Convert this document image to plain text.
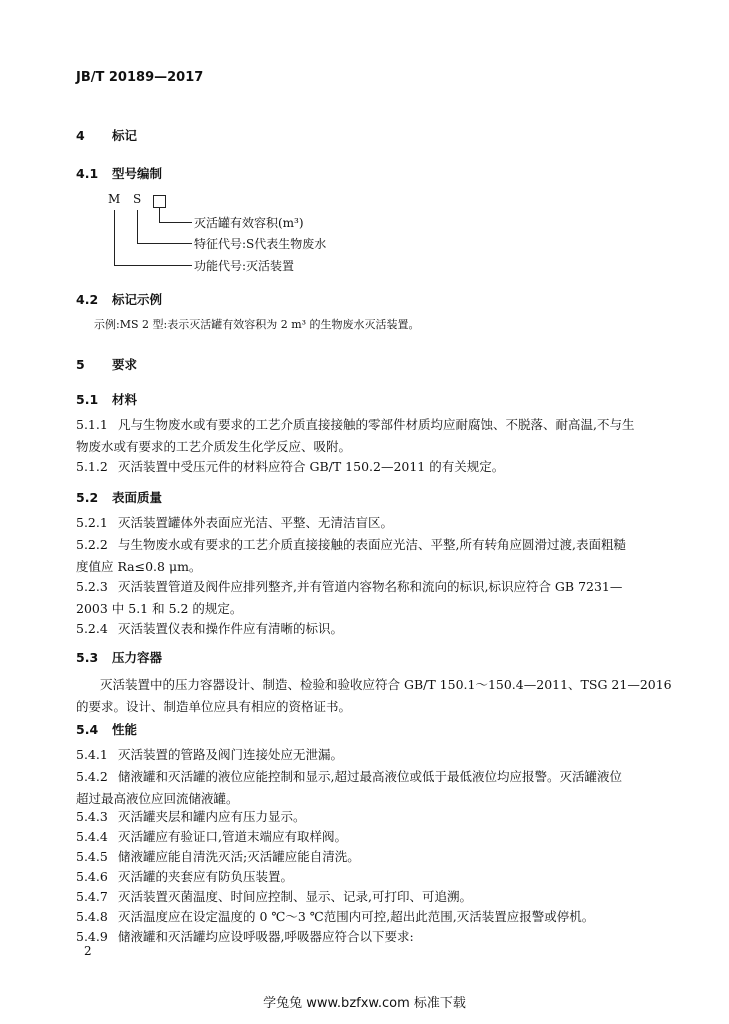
JB/T 20189—2017
4 标记
4.1 型号编制
M S
灭活罐有效容积(m³)
特征代号:S代表生物废水
功能代号:灭活装置
4.2 标记示例
示例:MS 2 型:表示灭活罐有效容积为 2 m³ 的生物废水灭活装置。
5 要求
5.1 材料
5.1.1 凡与生物废水或有要求的工艺介质直接接触的零部件材质均应耐腐蚀、不脱落、耐高温,不与生
物废水或有要求的工艺介质发生化学反应、吸附。
5.1.2 灭活装置中受压元件的材料应符合 GB/T 150.2—2011 的有关规定。
5.2 表面质量
5.2.1 灭活装置罐体外表面应光洁、平整、无清洁盲区。
5.2.2 与生物废水或有要求的工艺介质直接接触的表面应光洁、平整,所有转角应圆滑过渡,表面粗糙
度值应 Ra≤0.8 μm。
5.2.3 灭活装置管道及阀件应排列整齐,并有管道内容物名称和流向的标识,标识应符合 GB 7231—
2003 中 5.1 和 5.2 的规定。
5.2.4 灭活装置仪表和操作件应有清晰的标识。
5.3 压力容器
灭活装置中的压力容器设计、制造、检验和验收应符合 GB/T 150.1～150.4—2011、TSG 21—2016
的要求。设计、制造单位应具有相应的资格证书。
5.4 性能
5.4.1 灭活装置的管路及阀门连接处应无泄漏。
5.4.2 储液罐和灭活罐的液位应能控制和显示,超过最高液位或低于最低液位均应报警。灭活罐液位
超过最高液位应回流储液罐。
5.4.3 灭活罐夹层和罐内应有压力显示。
5.4.4 灭活罐应有验证口,管道末端应有取样阀。
5.4.5 储液罐应能自清洗灭活;灭活罐应能自清洗。
5.4.6 灭活罐的夹套应有防负压装置。
5.4.7 灭活装置灭菌温度、时间应控制、显示、记录,可打印、可追溯。
5.4.8 灭活温度应在设定温度的 0 ℃～3 ℃范围内可控,超出此范围,灭活装置应报警或停机。
5.4.9 储液罐和灭活罐均应设呼吸器,呼吸器应符合以下要求:
2
学兔兔 www.bzfxw.com 标准下载
